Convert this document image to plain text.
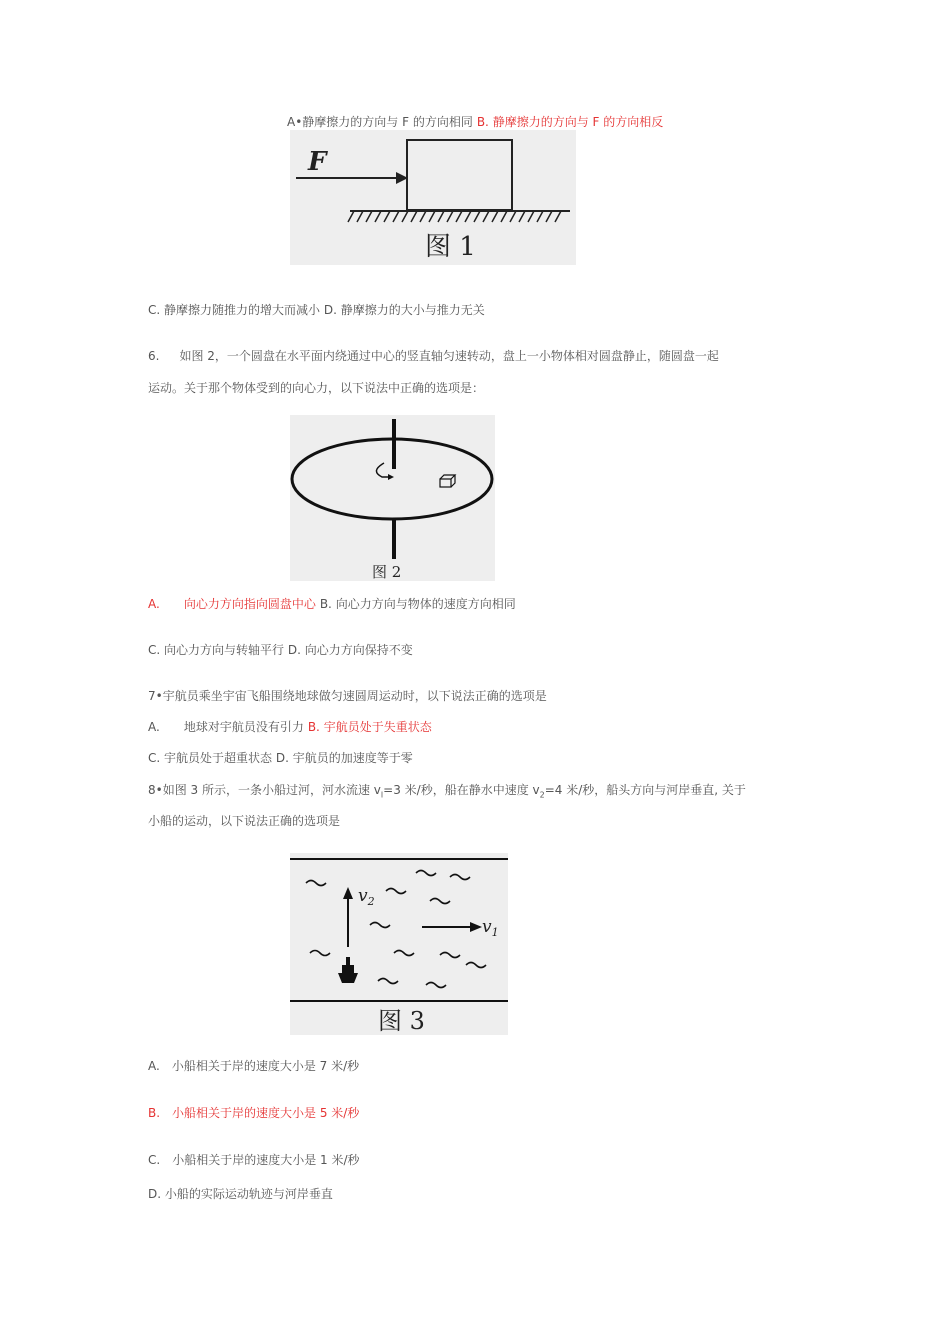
A•静摩擦力的方向与 F 的方向相同 B. 静摩擦力的方向与 F 的方向相反
F
图 1
C. 静摩擦力随推力的增大而减小 D. 静摩擦力的大小与推力无关
6. 如图 2，一个圆盘在水平面内绕通过中心的竖直轴匀速转动，盘上一小物体相对圆盘静止，随圆盘一起
运动。关于那个物体受到的向心力，以下说法中正确的选项是：
图 2
A. 向心力方向指向圆盘中心 B. 向心力方向与物体的速度方向相同
C. 向心力方向与转轴平行 D. 向心力方向保持不变
7•宇航员乘坐宇宙飞船围绕地球做匀速圆周运动时，以下说法正确的选项是
A. 地球对宇航员没有引力 B. 宇航员处于失重状态
C. 宇航员处于超重状态 D. 宇航员的加速度等于零
8•如图 3 所示，一条小船过河，河水流速 $v_l=3$ 米/秒，船在静水中速度 $v_2=4$ 米/秒，船头方向与河岸垂直, 关于
小船的运动，以下说法正确的选项是
$v_2$
$v_1$
图 3
A. 小船相关于岸的速度大小是 7 米/秒
B. 小船相关于岸的速度大小是 5 米/秒
C. 小船相关于岸的速度大小是 1 米/秒
D. 小船的实际运动轨迹与河岸垂直
